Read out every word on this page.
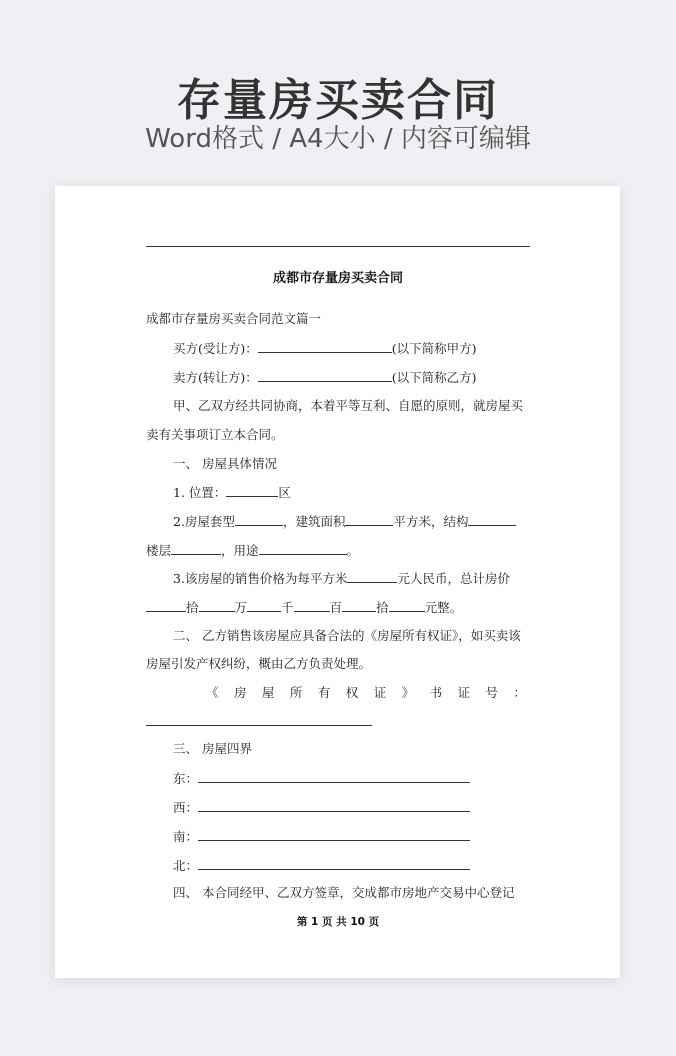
存量房买卖合同
Word格式 / A4大小 / 内容可编辑
成都市存量房买卖合同
成都市存量房买卖合同范文篇一
买方(受让方)：	(以下简称甲方)
卖方(转让方)：	(以下简称乙方)
甲、乙双方经共同协商，本着平等互利、自愿的原则，就房屋买
卖有关事项订立本合同。
一、 房屋具体情况
1. 位置：	区
2.房屋套型	，建筑面积	平方米，结构
楼层	，用途	。
3.该房屋的销售价格为每平方米	元人民币，总计房价
拾	万	千	百	拾	元整。
二、 乙方销售该房屋应具备合法的《房屋所有权证》，如买卖该
房屋引发产权纠纷，概由乙方负责处理。
《 房 屋 所 有 权 证 》 书 证 号 ：
三、 房屋四界
东：
西：
南：
北：
四、 本合同经甲、乙双方签章，交成都市房地产交易中心登记
第 1 页 共 10 页
